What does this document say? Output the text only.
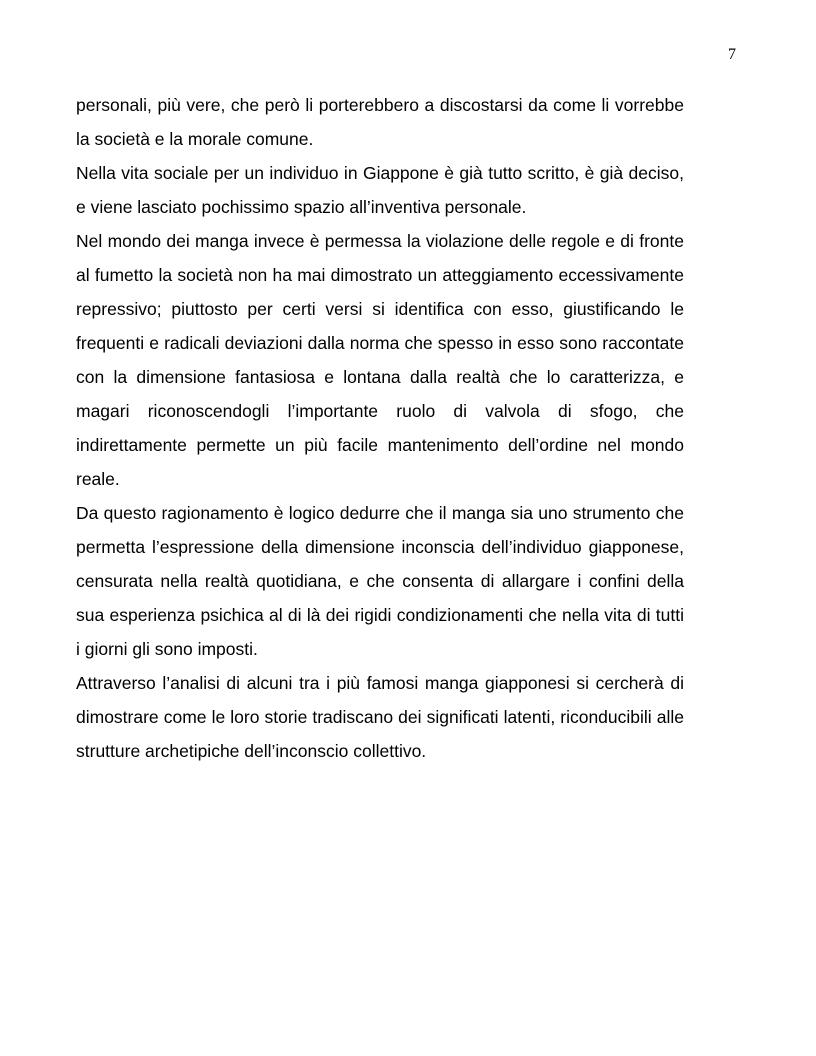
7

personali, più vere, che però li porterebbero a discostarsi da come li vorrebbe la società e la morale comune.

Nella vita sociale per un individuo in Giappone è già tutto scritto, è già deciso, e viene lasciato pochissimo spazio all’inventiva personale.

Nel mondo dei manga invece è permessa la violazione delle regole e di fronte al fumetto la società non ha mai dimostrato un atteggiamento eccessivamente repressivo; piuttosto per certi versi si identifica con esso, giustificando le frequenti e radicali deviazioni dalla norma che spesso in esso sono raccontate con la dimensione fantasiosa e lontana dalla realtà che lo caratterizza, e magari riconoscendogli l’importante ruolo di valvola di sfogo, che indirettamente permette un più facile mantenimento dell’ordine nel mondo reale.

Da questo ragionamento è logico dedurre che il manga sia uno strumento che permetta l’espressione della dimensione inconscia dell’individuo giapponese, censurata nella realtà quotidiana, e che consenta di allargare i confini della sua esperienza psichica al di là dei rigidi condizionamenti che nella vita di tutti i giorni gli sono imposti.

Attraverso l’analisi di alcuni tra i più famosi manga giapponesi si cercherà di dimostrare come le loro storie tradiscano dei significati latenti, riconducibili alle strutture archetipiche dell’inconscio collettivo.
